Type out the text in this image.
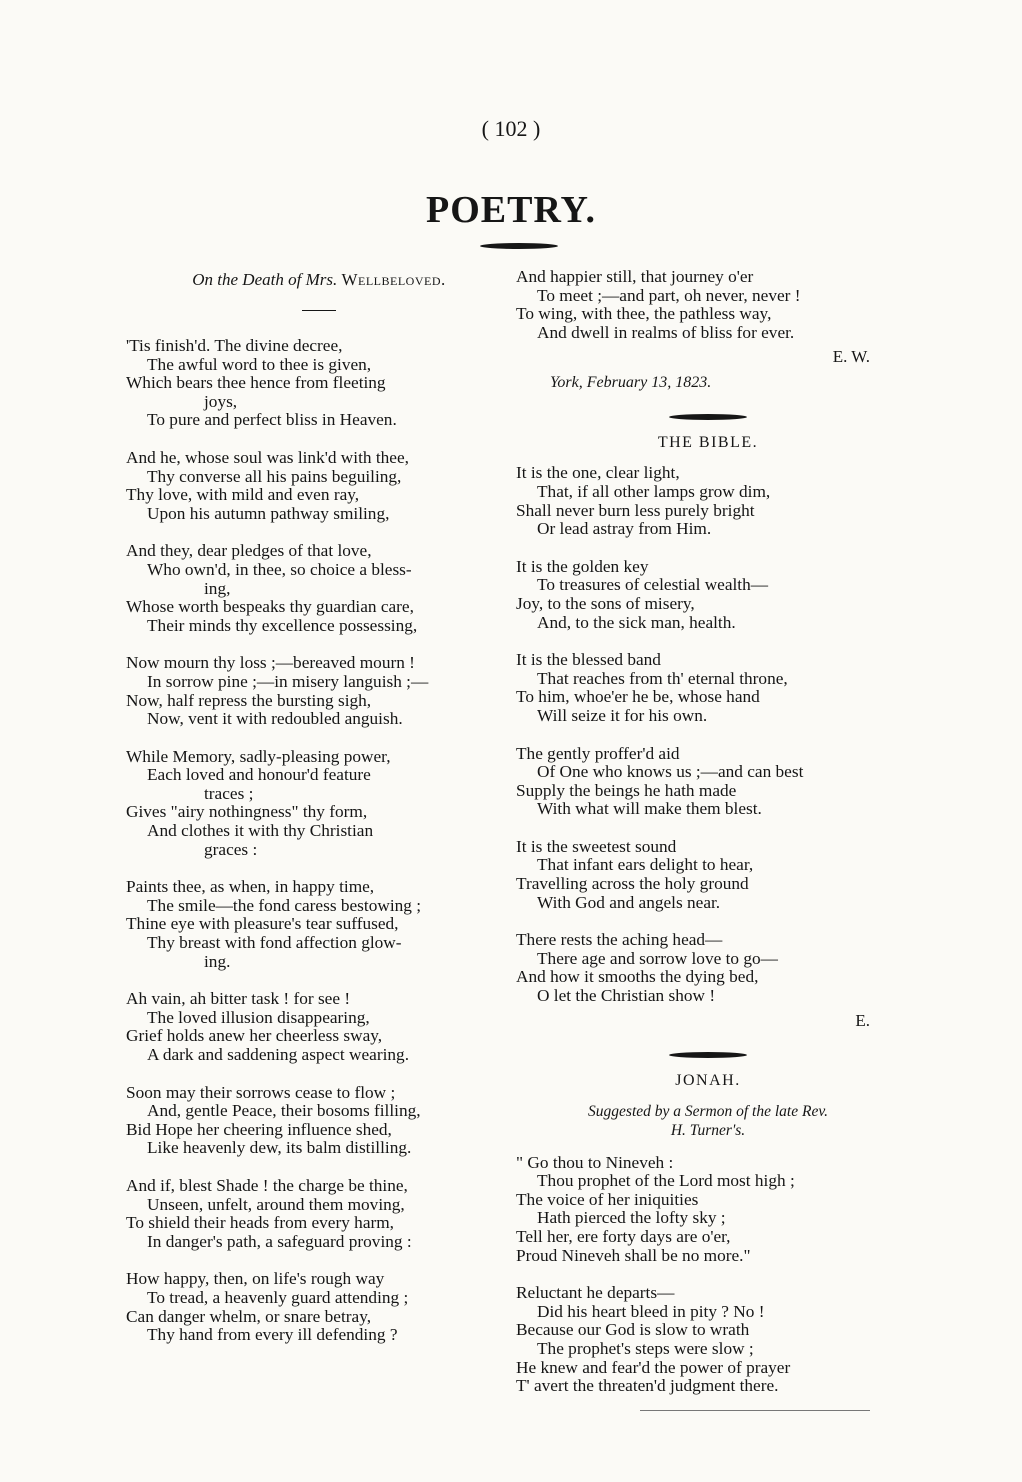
( 102 )
POETRY.

On the Death of Mrs. Wellbeloved.

'Tis finish'd. The divine decree,
The awful word to thee is given,
Which bears thee hence from fleeting
joys,
To pure and perfect bliss in Heaven.
And he, whose soul was link'd with thee,
Thy converse all his pains beguiling,
Thy love, with mild and even ray,
Upon his autumn pathway smiling,
And they, dear pledges of that love,
Who own'd, in thee, so choice a bless-
ing,
Whose worth bespeaks thy guardian care,
Their minds thy excellence possessing,
Now mourn thy loss ;—bereaved mourn !
In sorrow pine ;—in misery languish ;—
Now, half repress the bursting sigh,
Now, vent it with redoubled anguish.
While Memory, sadly-pleasing power,
Each loved and honour'd feature
traces ;
Gives "airy nothingness" thy form,
And clothes it with thy Christian
graces :
Paints thee, as when, in happy time,
The smile—the fond caress bestowing ;
Thine eye with pleasure's tear suffused,
Thy breast with fond affection glow-
ing.
Ah vain, ah bitter task ! for see !
The loved illusion disappearing,
Grief holds anew her cheerless sway,
A dark and saddening aspect wearing.
Soon may their sorrows cease to flow ;
And, gentle Peace, their bosoms filling,
Bid Hope her cheering influence shed,
Like heavenly dew, its balm distilling.
And if, blest Shade ! the charge be thine,
Unseen, unfelt, around them moving,
To shield their heads from every harm,
In danger's path, a safeguard proving :
How happy, then, on life's rough way
To tread, a heavenly guard attending ;
Can danger whelm, or snare betray,
Thy hand from every ill defending ?
And happier still, that journey o'er
To meet ;—and part, oh never, never !
To wing, with thee, the pathless way,
And dwell in realms of bliss for ever.
E. W.
York, February 13, 1823.
THE BIBLE.
It is the one, clear light,
That, if all other lamps grow dim,
Shall never burn less purely bright
Or lead astray from Him.
It is the golden key
To treasures of celestial wealth—
Joy, to the sons of misery,
And, to the sick man, health.
It is the blessed band
That reaches from th' eternal throne,
To him, whoe'er he be, whose hand
Will seize it for his own.
The gently proffer'd aid
Of One who knows us ;—and can best
Supply the beings he hath made
With what will make them blest.
It is the sweetest sound
That infant ears delight to hear,
Travelling across the holy ground
With God and angels near.
There rests the aching head—
There age and sorrow love to go—
And how it smooths the dying bed,
O let the Christian show !
E.
JONAH.
Suggested by a Sermon of the late Rev.
H. Turner's.
" Go thou to Nineveh :
Thou prophet of the Lord most high ;
The voice of her iniquities
Hath pierced the lofty sky ;
Tell her, ere forty days are o'er,
Proud Nineveh shall be no more."
Reluctant he departs—
Did his heart bleed in pity ? No !
Because our God is slow to wrath
The prophet's steps were slow ;
He knew and fear'd the power of prayer
T' avert the threaten'd judgment there.
